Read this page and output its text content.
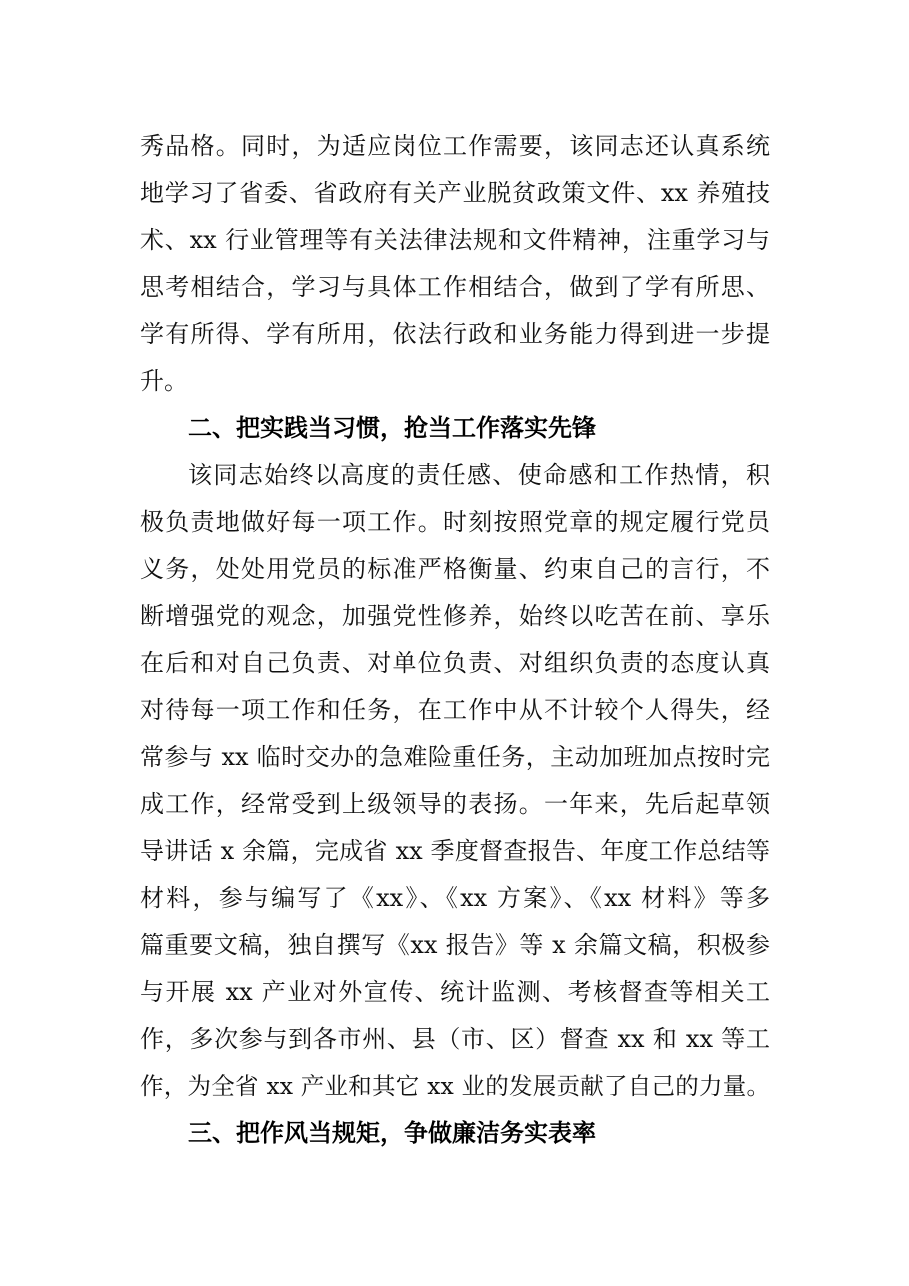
秀品格。同时，为适应岗位工作需要，该同志还认真系统
地学习了省委、省政府有关产业脱贫政策文件、xx 养殖技
术、xx 行业管理等有关法律法规和文件精神，注重学习与
思考相结合，学习与具体工作相结合，做到了学有所思、
学有所得、学有所用，依法行政和业务能力得到进一步提
升。
二、把实践当习惯，抢当工作落实先锋
该同志始终以高度的责任感、使命感和工作热情，积
极负责地做好每一项工作。时刻按照党章的规定履行党员
义务，处处用党员的标准严格衡量、约束自己的言行，不
断增强党的观念，加强党性修养，始终以吃苦在前、享乐
在后和对自己负责、对单位负责、对组织负责的态度认真
对待每一项工作和任务，在工作中从不计较个人得失，经
常参与 xx 临时交办的急难险重任务，主动加班加点按时完
成工作，经常受到上级领导的表扬。一年来，先后起草领
导讲话 x 余篇，完成省 xx 季度督查报告、年度工作总结等
材料，参与编写了《xx》、《xx 方案》、《xx 材料》等多
篇重要文稿，独自撰写《xx 报告》等 x 余篇文稿，积极参
与开展 xx 产业对外宣传、统计监测、考核督查等相关工
作，多次参与到各市州、县（市、区）督查 xx 和 xx 等工
作，为全省 xx 产业和其它 xx 业的发展贡献了自己的力量。
三、把作风当规矩，争做廉洁务实表率
